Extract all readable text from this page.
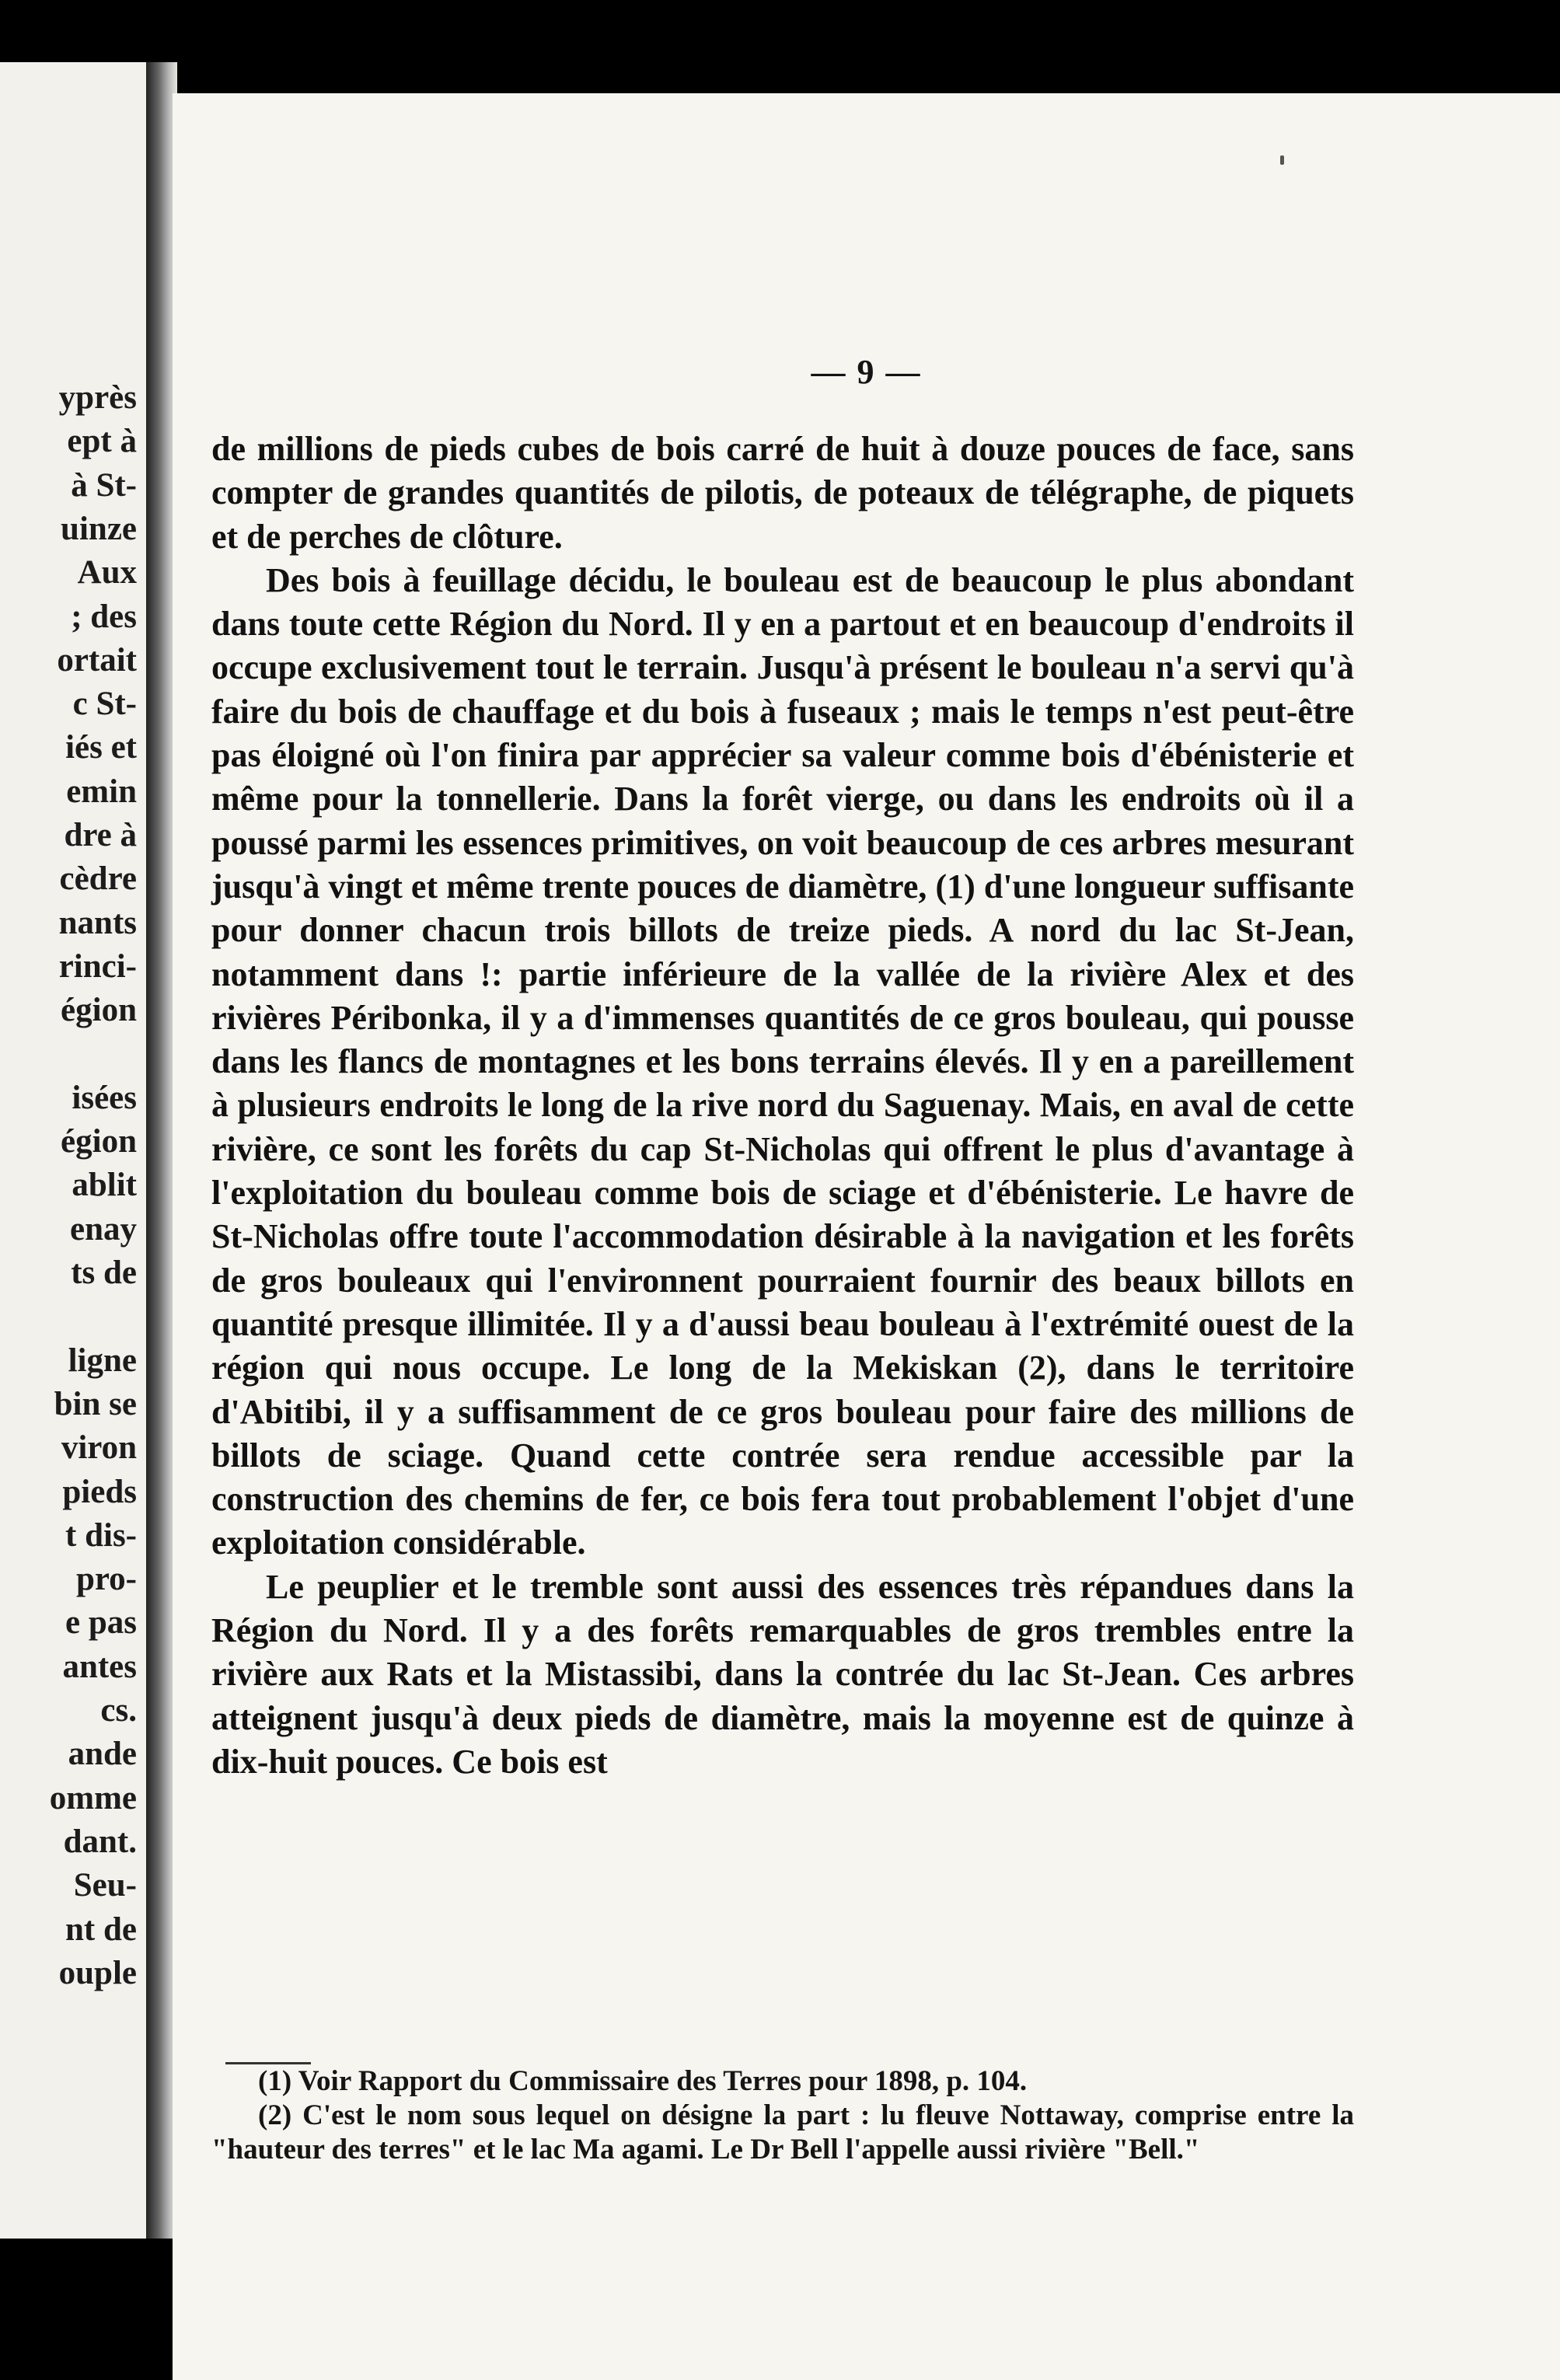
yprès
ept à
à St-
uinze
Aux
; des
ortait
c St-
iés et
emin
dre à
cèdre
nants
rinci-
égion
isées
égion
ablit
enay
ts de
ligne
bin se
viron
pieds
t dis-
pro-
e pas
antes
cs.
ande
omme
dant.
Seu-
nt de
ouple
— 9 —

de millions de pieds cubes de bois carré de huit à douze pouces de face, sans compter de grandes quantités de pilotis, de poteaux de télégraphe, de piquets et de perches de clôture.

Des bois à feuillage décidu, le bouleau est de beaucoup le plus abondant dans toute cette Région du Nord. Il y en a partout et en beaucoup d'endroits il occupe exclusivement tout le terrain. Jusqu'à présent le bouleau n'a servi qu'à faire du bois de chauffage et du bois à fuseaux ; mais le temps n'est peut-être pas éloigné où l'on finira par apprécier sa valeur comme bois d'ébénisterie et même pour la tonnellerie. Dans la forêt vierge, ou dans les endroits où il a poussé parmi les essences primitives, on voit beaucoup de ces arbres mesurant jusqu'à vingt et même trente pouces de diamètre, (1) d'une longueur suffisante pour donner chacun trois billots de treize pieds. A nord du lac St-Jean, notamment dans !: partie inférieure de la vallée de la rivière Alex et des rivières Péribonka, il y a d'immenses quantités de ce gros bouleau, qui pousse dans les flancs de montagnes et les bons terrains élevés. Il y en a pareillement à plusieurs endroits le long de la rive nord du Saguenay. Mais, en aval de cette rivière, ce sont les forêts du cap St-Nicholas qui offrent le plus d'avantage à l'exploitation du bouleau comme bois de sciage et d'ébénisterie. Le havre de St-Nicholas offre toute l'accommodation désirable à la navigation et les forêts de gros bouleaux qui l'environnent pourraient fournir des beaux billots en quantité presque illimitée. Il y a d'aussi beau bouleau à l'extrémité ouest de la région qui nous occupe. Le long de la Mekiskan (2), dans le territoire d'Abitibi, il y a suffisamment de ce gros bouleau pour faire des millions de billots de sciage. Quand cette contrée sera rendue accessible par la construction des chemins de fer, ce bois fera tout probablement l'objet d'une exploitation considérable.

Le peuplier et le tremble sont aussi des essences très répandues dans la Région du Nord. Il y a des forêts remarquables de gros trembles entre la rivière aux Rats et la Mistassibi, dans la contrée du lac St-Jean. Ces arbres atteignent jusqu'à deux pieds de diamètre, mais la moyenne est de quinze à dix-huit pouces. Ce bois est

(1) Voir Rapport du Commissaire des Terres pour 1898, p. 104.

(2) C'est le nom sous lequel on désigne la part : lu fleuve Nottaway, comprise entre la "hauteur des terres" et le lac Ma agami. Le Dr Bell l'appelle aussi rivière "Bell."
